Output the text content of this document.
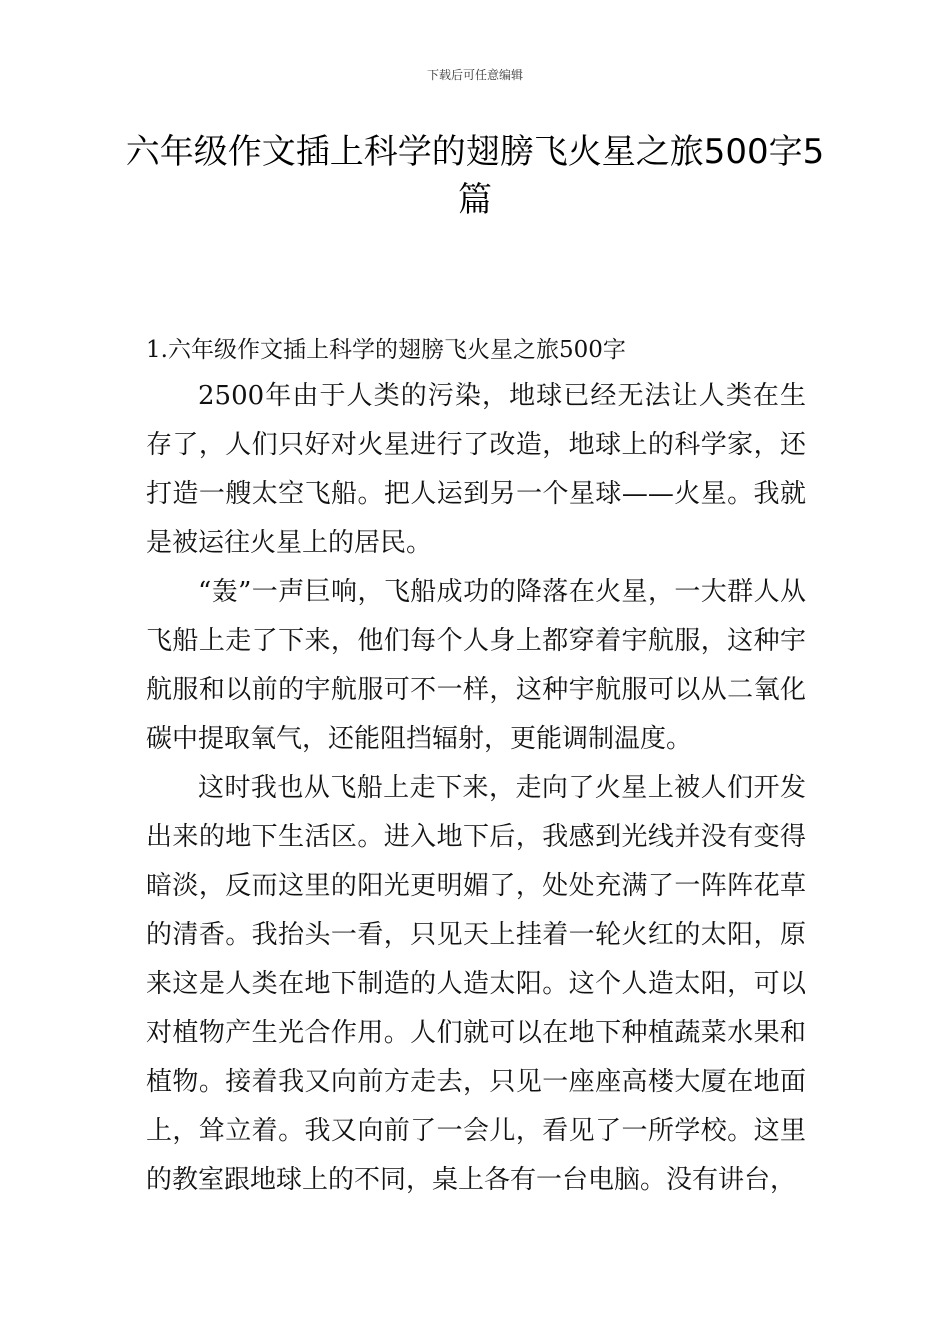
下载后可任意编辑
六年级作文插上科学的翅膀飞火星之旅500字5篇

1.六年级作文插上科学的翅膀飞火星之旅500字

2500年由于人类的污染，地球已经无法让人类在生存了，人们只好对火星进行了改造，地球上的科学家，还打造一艘太空飞船。把人运到另一个星球——火星。我就是被运往火星上的居民。

“轰”一声巨响，飞船成功的降落在火星，一大群人从飞船上走了下来，他们每个人身上都穿着宇航服，这种宇航服和以前的宇航服可不一样，这种宇航服可以从二氧化碳中提取氧气，还能阻挡辐射，更能调制温度。

这时我也从飞船上走下来，走向了火星上被人们开发出来的地下生活区。进入地下后，我感到光线并没有变得暗淡，反而这里的阳光更明媚了，处处充满了一阵阵花草的清香。我抬头一看，只见天上挂着一轮火红的太阳，原来这是人类在地下制造的人造太阳。这个人造太阳，可以对植物产生光合作用。人们就可以在地下种植蔬菜水果和植物。接着我又向前方走去，只见一座座高楼大厦在地面上，耸立着。我又向前了一会儿，看见了一所学校。这里的教室跟地球上的不同，桌上各有一台电脑。没有讲台，
